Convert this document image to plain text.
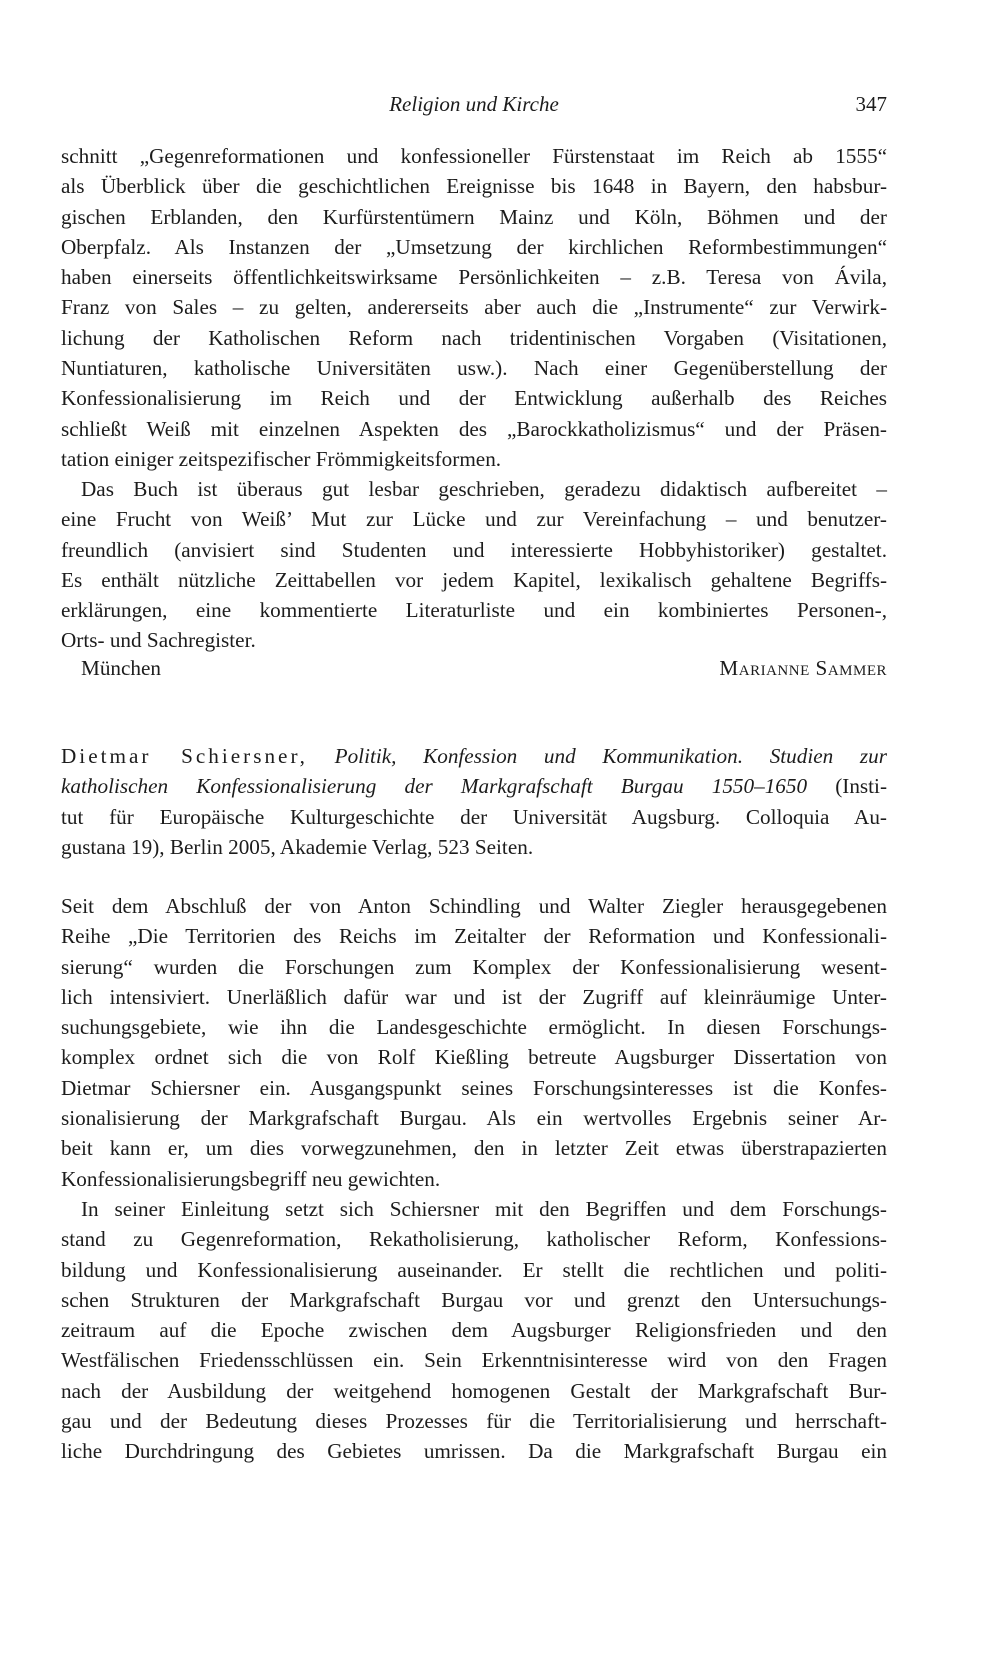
Religion und Kirche	347
schnitt „Gegenreformationen und konfessioneller Fürstenstaat im Reich ab 1555“
als Überblick über die geschichtlichen Ereignisse bis 1648 in Bayern, den habsbur-
gischen Erblanden, den Kurfürstentümern Mainz und Köln, Böhmen und der
Oberpfalz. Als Instanzen der „Umsetzung der kirchlichen Reformbestimmungen“
haben einerseits öffentlichkeitswirksame Persönlichkeiten – z.B. Teresa von Ávila,
Franz von Sales – zu gelten, andererseits aber auch die „Instrumente“ zur Verwirk-
lichung der Katholischen Reform nach tridentinischen Vorgaben (Visitationen,
Nuntiaturen, katholische Universitäten usw.). Nach einer Gegenüberstellung der
Konfessionalisierung im Reich und der Entwicklung außerhalb des Reiches
schließt Weiß mit einzelnen Aspekten des „Barockkatholizismus“ und der Präsen-
tation einiger zeitspezifischer Frömmigkeitsformen.
Das Buch ist überaus gut lesbar geschrieben, geradezu didaktisch aufbereitet –
eine Frucht von Weiß’ Mut zur Lücke und zur Vereinfachung – und benutzer-
freundlich (anvisiert sind Studenten und interessierte Hobbyhistoriker) gestaltet.
Es enthält nützliche Zeittabellen vor jedem Kapitel, lexikalisch gehaltene Begriffs-
erklärungen, eine kommentierte Literaturliste und ein kombiniertes Personen-,
Orts- und Sachregister.
München	Marianne Sammer
Dietmar Schiersner, Politik, Konfession und Kommunikation. Studien zur
katholischen Konfessionalisierung der Markgrafschaft Burgau 1550–1650 (Insti-
tut für Europäische Kulturgeschichte der Universität Augsburg. Colloquia Au-
gustana 19), Berlin 2005, Akademie Verlag, 523 Seiten.
Seit dem Abschluß der von Anton Schindling und Walter Ziegler herausgegebenen
Reihe „Die Territorien des Reichs im Zeitalter der Reformation und Konfessionali-
sierung“ wurden die Forschungen zum Komplex der Konfessionalisierung wesent-
lich intensiviert. Unerläßlich dafür war und ist der Zugriff auf kleinräumige Unter-
suchungsgebiete, wie ihn die Landesgeschichte ermöglicht. In diesen Forschungs-
komplex ordnet sich die von Rolf Kießling betreute Augsburger Dissertation von
Dietmar Schiersner ein. Ausgangspunkt seines Forschungsinteresses ist die Konfes-
sionalisierung der Markgrafschaft Burgau. Als ein wertvolles Ergebnis seiner Ar-
beit kann er, um dies vorwegzunehmen, den in letzter Zeit etwas überstrapazierten
Konfessionalisierungsbegriff neu gewichten.
In seiner Einleitung setzt sich Schiersner mit den Begriffen und dem Forschungs-
stand zu Gegenreformation, Rekatholisierung, katholischer Reform, Konfessions-
bildung und Konfessionalisierung auseinander. Er stellt die rechtlichen und politi-
schen Strukturen der Markgrafschaft Burgau vor und grenzt den Untersuchungs-
zeitraum auf die Epoche zwischen dem Augsburger Religionsfrieden und den
Westfälischen Friedensschlüssen ein. Sein Erkenntnisinteresse wird von den Fragen
nach der Ausbildung der weitgehend homogenen Gestalt der Markgrafschaft Bur-
gau und der Bedeutung dieses Prozesses für die Territorialisierung und herrschaft-
liche Durchdringung des Gebietes umrissen. Da die Markgrafschaft Burgau ein
